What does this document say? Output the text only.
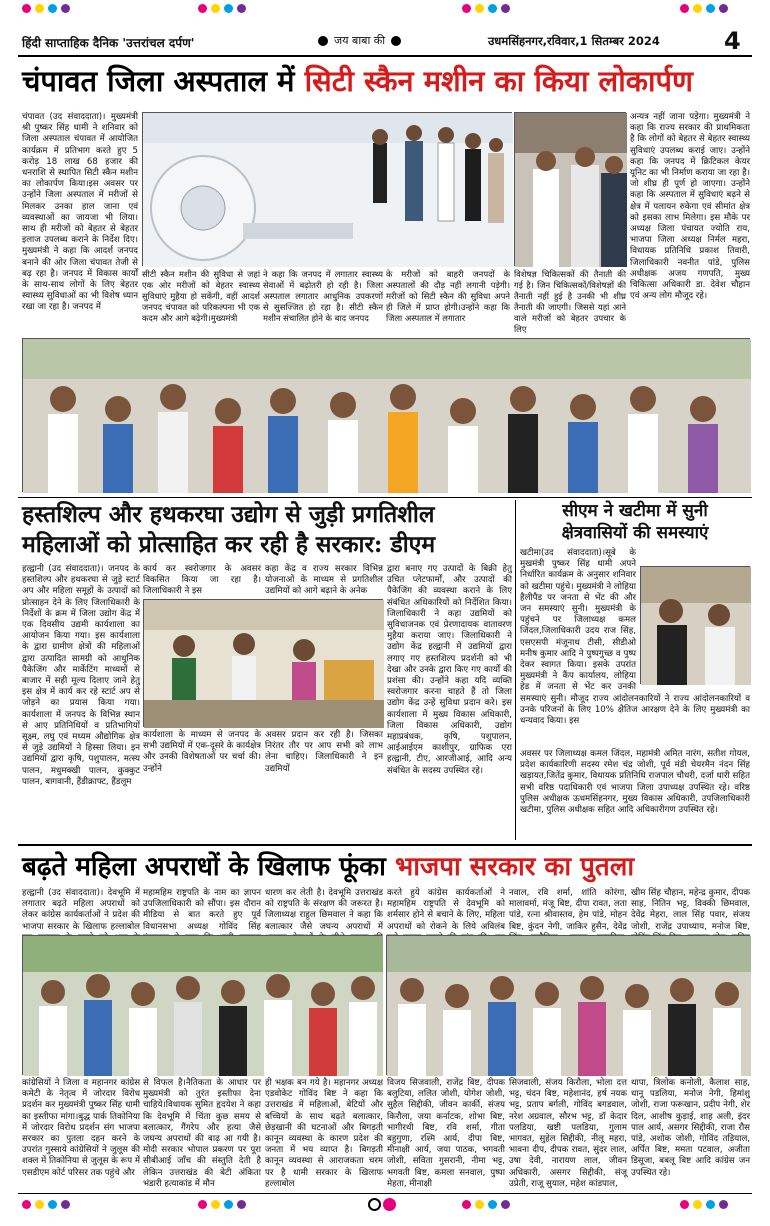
हिंदी साप्ताहिक दैनिक 'उत्तरांचल दर्पण'	जय बाबा की	उधमसिंहनगर,रविवार,1 सितम्बर 2024	4
चंपावत जिला अस्पताल में सिटी स्कैन मशीन का किया लोकार्पण
चंपावत (उद संवाददाता)। मुख्यमंत्री श्री पुष्कर सिंह धामी ने शनिवार को जिला अस्पताल चंपावत में आयोजित कार्यक्रम में प्रतिभाग करते हुए 5 करोड़ 18 लाख 68 हजार की धनराशि से स्थापित सिटी स्कैन मशीन का लोकार्पण किया।इस अवसर पर उन्होंने जिला अस्पताल में मरीजों से मिलकर उनका हाल जाना एवं व्यवस्थाओं का जायजा भी लिया। साथ ही मरीजों को बेहतर से बेहतर इलाज उपलब्ध कराने के निर्देश दिए।मुख्यमंत्री ने कहा कि आदर्श जनपद बनाने की ओर जिला चंपावत तेजी से बढ़ रहा है। जनपद में विकास कार्यों के साथ-साथ लोगों के लिए बेहतर स्वास्थ्य सुविधाओं का भी विशेष ध्यान रखा जा रहा है। जनपद में
अन्यत्र नहीं जाना पड़ेगा। मुख्यमंत्री ने कहा कि राज्य सरकार की प्राथमिकता है कि लोगों को बेहतर से बेहतर स्वास्थ्य सुविधाएं उपलब्ध कराई जाए। उन्होंने कहा कि जनपद में क्रिटिकल केयर यूनिट का भी निर्माण कराया जा रहा है। जो शीघ्र ही पूर्ण हो जाएगा। उन्होंने कहा कि अस्पताल में सुविधाएं बढ़ने से क्षेत्र में पलायन रुकेगा एवं सीमांत क्षेत्र को इसका लाभ मिलेगा। इस मौके पर अध्यक्ष जिला पंचायत ज्योति राय, भाजपा जिला अध्यक्ष निर्मल महरा, विधायक प्रतिनिधि प्रकाश तिवारी, जिलाधिकारी नवनीत पांडे, पुलिस अधीक्षक अजय गणपति, मुख्य चिकित्सा अधिकारी डा. देवेश चौहान एवं अन्य लोग मौजूद रहे।
सीटी स्कैन मशीन की सुविधा से जहां एक ओर मरीजों को बेहतर स्वास्थ्य सुविधाएं मुहैया हो सकेंगी, वहीं आदर्श जनपद चंपावत को परिकल्पना भी एक कदम और आगे बढ़ेगी।मुख्यमंत्री
ने कहा कि जनपद में लगातार स्वास्थ्य सेवाओं में बढ़ोतरी हो रही है। जिला अस्पताल लगातार आधुनिक उपकरणों से सुसज्जित हो रहा है। सीटी स्कैन मशीन संचालित होने के बाद जनपद
के मरीजों को बाहरी जनपदों के अस्पतालों की दौड़ नहीं लगानी पड़ेगी। मरीजों को सिटी स्कैन की सुविधा अपने ही जिले में प्राप्त होगी।उन्होंने कहा कि जिला अस्पताल में लगातार
विशेषज्ञ चिकित्सकों की तैनाती की गई है। जिन चिकित्सकों/विशेषज्ञों की तैनाती नहीं हुई है उनकी भी शीघ्र तैनाती की जाएगी। जिससे यहां आने वाले मरीजों को बेहतर उपचार के लिए
हस्तशिल्प और हथकरघा उद्योग से जुड़ी प्रगतिशील
महिलाओं को प्रोत्साहित कर रही है सरकार: डीएम
हल्द्वानी (उद संवाददाता)। जनपद के हस्तशिल्प और हथकरघा से जुड़े स्टार्ट अप और महिला समूहों के उत्पादों को प्रोत्साहन देने के लिए जिलाधिकारी के निर्देशों के क्रम में जिला उद्योग केंद्र में एक दिवसीय उद्यमी कार्यशाला का आयोजन किया गया। इस कार्यशाला के द्वारा ग्रामीण क्षेत्रों की महिलाओं द्वारा उत्पादित सामग्री को आधुनिक पैकेजिंग और मार्केटिंग माध्यमों से बाजार में सही मूल्य दिलाए जाने हेतु इस क्षेत्र में कार्य कर रहे स्टार्ट अप से जोड़ने का प्रयास किया गया। कार्यशाला में जनपद के विभिन्न स्थान से आए प्रतिनिधियों व प्रतिभागियों सूक्ष्म, लघु एवं मध्यम औद्योगिक क्षेत्र से जुड़े उद्यमियों ने हिस्सा लिया। इन उद्यमियों द्वारा कृषि, पशुपालन, मत्स्य पालन, मधुमक्खी पालन, कुक्कुट पालन, बागवानी, हैंडीक्राफ्ट, हैंडलूम
कार्य कर स्वरोजगार के अवसर विकसित किया जा रहा है। जिलाधिकारी ने इस
कहा केंद्र व राज्य सरकार विभिन्न योजनाओं के माध्यम से प्रगतिशील उद्यमियों को आगे बढ़ाने के अनेक
कार्यशाला के माध्यम से जनपद के सभी उद्यमियों में एक-दूसरे के कार्यक्षेत्र और उनकी विशेषताओं पर चर्चा की। उन्होंने
अवसर प्रदान कर रही है। जिसका निरंतर तौर पर आप सभी को लाभ लेना चाहिए। जिलाधिकारी ने इन उद्यमियों
द्वारा बनाए गए उत्पादों के बिक्री हेतु उचित प्लेटफार्मों, और उत्पादों की पैकेजिंग की व्यवस्था कराने के लिए संबंधित अधिकारियों को निर्देशित किया। जिलाधिकारी ने कहा उद्यमियों को सुविधाजनक एवं प्रेरणादायक वातावरण मुहैया कराया जाए। जिलाधिकारी ने उद्योग केंद्र हल्द्वानी में उद्यमियों द्वारा लगाए गए हस्तशिल्प प्रदर्शनी को भी देखा और उनके द्वारा किए गए कार्यों की प्रशंसा की। उन्होंने कहा यदि व्यक्ति स्वरोजगार करना चाहते हैं तो जिला उद्योग केंद्र उन्हें सुविधा प्रदान करे। इस कार्यशाला में मुख्य विकास अधिकारी, जिला विकास अधिकारी, उद्योग महाप्रबंधक, कृषि, पशुपालन, आईआईएम काशीपुर, ग्राफिक एरा हल्द्वानी, टीए, आरजीआई, आदि अन्य संबंधित के सदस्य उपस्थित रहे।
सीएम ने खटीमा में सुनी
क्षेत्रवासियों की समस्याएं
खटीमा(उद संवाददाता)।सूबे के मुखमंत्री पुष्कर सिंह धामी अपने निर्धारित कार्यक्रम के अनुसार शनिवार को खटीमा पहुंचे। मुख्यमंत्री ने लोहिया हैलीपैड पर जनता से भेंट की और जन समस्याएं सुनी। मुख्यमंत्री के पहुंचने पर जिलाध्यक्ष कमल जिंदल,जिलाधिकारी उदय राज सिंह, एसएसपी मंजूनाथ टीसी, सीडीओ मनीष कुमार आदि ने पुष्पगुच्छ व पुष्प देकर स्वागत किया। इसके उपरांत मुख्यमंत्री ने कैंप कार्यालय, लोहिया हेड में जनता से भेंट कर उनकी समस्याएं सुनी। मौजूद राज्य आंदोलनकारियों ने राज्य आंदोलनकारियों व उनके परिजनों के लिए 10% क्षैतिज आरक्षण देने के लिए मुख्यमंत्री का धन्यवाद किया। इस
अवसर पर जिलाध्यक्ष कमल जिंदल, महामंत्री अमित नारंग, सतीश गोयल, प्रदेश कार्यकारिणी सदस्य रमेश चंद्र जोशी, पूर्व मंडी चेयरमैन नंदन सिंह खड़ायत,जितेंद्र कुमार, विधायक प्रतिनिधि राजपाल चौधरी, दर्जा धारी सहित सभी वरिष्ठ पदाधिकारी एवं भाजपा जिला उपाध्यक्ष उपस्थित रहे। वरिष्ठ पुलिस अधीक्षक ऊधमसिंहनगर, मुख्य विकास अधिकारी, उपजिलाधिकारी खटीमा, पुलिस अधीक्षक सहित आदि अधिकारीगण उपस्थित रहे।
बढ़ते महिला अपराधों के खिलाफ फूंका भाजपा सरकार का पुतला
हल्द्वानी (उद संवाददाता)। देवभूमि में लगातार बढ़ते महिला अपराधों को लेकर कांग्रेस कार्यकर्ताओं ने प्रदेश की भाजपा सरकार के खिलाफ हल्लाबोल
महामहिम राष्ट्रपति के नाम का ज्ञापन उपजिलाधिकारी को सौंपा। इस दौरान मीडिया से बात करते हुए पूर्व विधानसभा अध्यक्ष गोविंद सिंह
धारण कर लेती है। देवभूमि उत्तराखंड को राष्ट्रपति के संरक्षण की जरूरत है।जिलाध्यक्ष राहुल छिमवाल ने कहा कि बलात्कार जैसे जघन्य अपराधों में
करते हुये कांग्रेस कार्यकर्ताओं ने महामहिम राष्ट्रपति से देवभूमि को शर्मसार होने से बचाने के लिए, महिला अपराधों को रोकने के लिये अविलंब
नवाल, रवि शर्मा, शांति कोरंगा, मालावर्मा, मंजू बिष्ट, दीपा रावत, लता पांडे, रत्ना श्रीवास्तव, हेम पांडे, मोहन बिष्ट, कुंदन नेगी, जाकिर हुसैन, देवेंद्र
खीम सिंह चौहान, महेन्द्र कुमार, दीपक साह, नितिन भट्ट, विक्की छिमवाल, देवेंद्र मेहरा, लाल सिंह पवार, संजय जोशी, राजेंद्र उपाध्याय, मनोज बिष्ट,
कांग्रेसियों ने जिला व महानगर कांग्रेस कमेटी के नेतृत्व में जोरदार विरोध प्रदर्शन कर मुख्यमंत्री पुष्कर सिंह धामी का इस्तीफा मांगा।बुद्ध पार्क तिकोनिया में जोरदार विरोध प्रदर्शन संग भाजपा सरकार का पुतला दहन करने के उपरांत गुस्साये कांग्रेसियों ने जुलूस की शक्ल में तिकोनिया से जुलूस के रूप में एसडीएम कोर्ट परिसर तक पहुंचे और
से विफल है।नैतिकता के आधार पर मुख्यमंत्री को तुरंत इस्तीफा देना चाहिये।विधायक सुमित हृदयेश ने कहा कि देवभूमि में चिंता कुछ समय से बलात्कार, गैंगरेप और हत्या जैसे जघन्य अपराधों की बाढ़ आ गयी है। मोदी सरकार भोपाल प्रकरण पर पूरा सीबीआई जाँच की संस्तुति देती है लेकिन उत्तराखंड की बेटी अंकिता भंडारी हत्याकांड में मौन
ही भक्षक बन गये है। महानगर अध्यक्ष एडवोकेट गोविंद बिष्ट ने कहा कि उत्तराखंड में महिलाओं, बेटियों और बच्चियों के साथ बढ़ते बलात्कार, छेड़खानी की घटनाओं और बिगड़ती कानून व्यवस्था के कारण प्रदेश की जनता में भय व्याप्त है। बिगड़ती कानून व्यवस्था से आराजकता चरम पर है धामी सरकार के खिलाफ हल्लाबोल
विजय सिजवाली, राजेंद्र बिष्ट, दीपक बलुटिया, ललित जोशी, योगेश जोशी, सुहैल सिद्दीकी, जीवन कार्की, संजय किरौला, जया कर्नाटक, शोभा बिष्ट, भागीरथी बिष्ट, रवि शर्मा, गीता बहुगुणा, रश्मि आर्य, दीपा बिष्ट, मीनाक्षी आर्य, जया पाठक, भगवती जोशी, सविता गुसरानी, नीमा भट्ट, भगवती बिष्ट, कमला सनवाल, पुष्पा मेहता, मीनाक्षी
सिजवाली, संजय किरौला, भोला दत्त भट्ट, चंदन बिष्ट, महेशानंद, हर्ष नयक भट्ट, प्रताप बर्गली, गोविंद बगडवाल, नरेश अग्रवाल, सौरभ भट्ट, डॉ केदार पलडिया, खष्टी पलडिया, गुलाम भागवत, सुहेल सिद्दीकी, नीलू महरा, भावना दीप, दीपक रावत, सुंदर लाल, उषा देवी, नारायण लाल, जीवन अधिकारी, असगर सिद्दीकी, संजू उप्रेती, राजू सुयाल, महेश कांडपाल,
थापा, त्रिलोक कनोली, कैलाश साह, धानू पडलिया, मनोज नेगी, हिमांशु जोशी, राजा फरूखान, प्रदीप नेगी, शेर दिल, आशीष कुड़ाई, शाह अली, इंदर पाल आर्य, असगर सिद्दीकी, राजा रौस पांडे, अशोक जोशी, गोविंद तड़ियाल, अर्पित बिष्ट, ममता पटवाल, अजीता डिसूजा, बबलू बिष्ट आदि कांग्रेस जन उपस्थित रहे।
